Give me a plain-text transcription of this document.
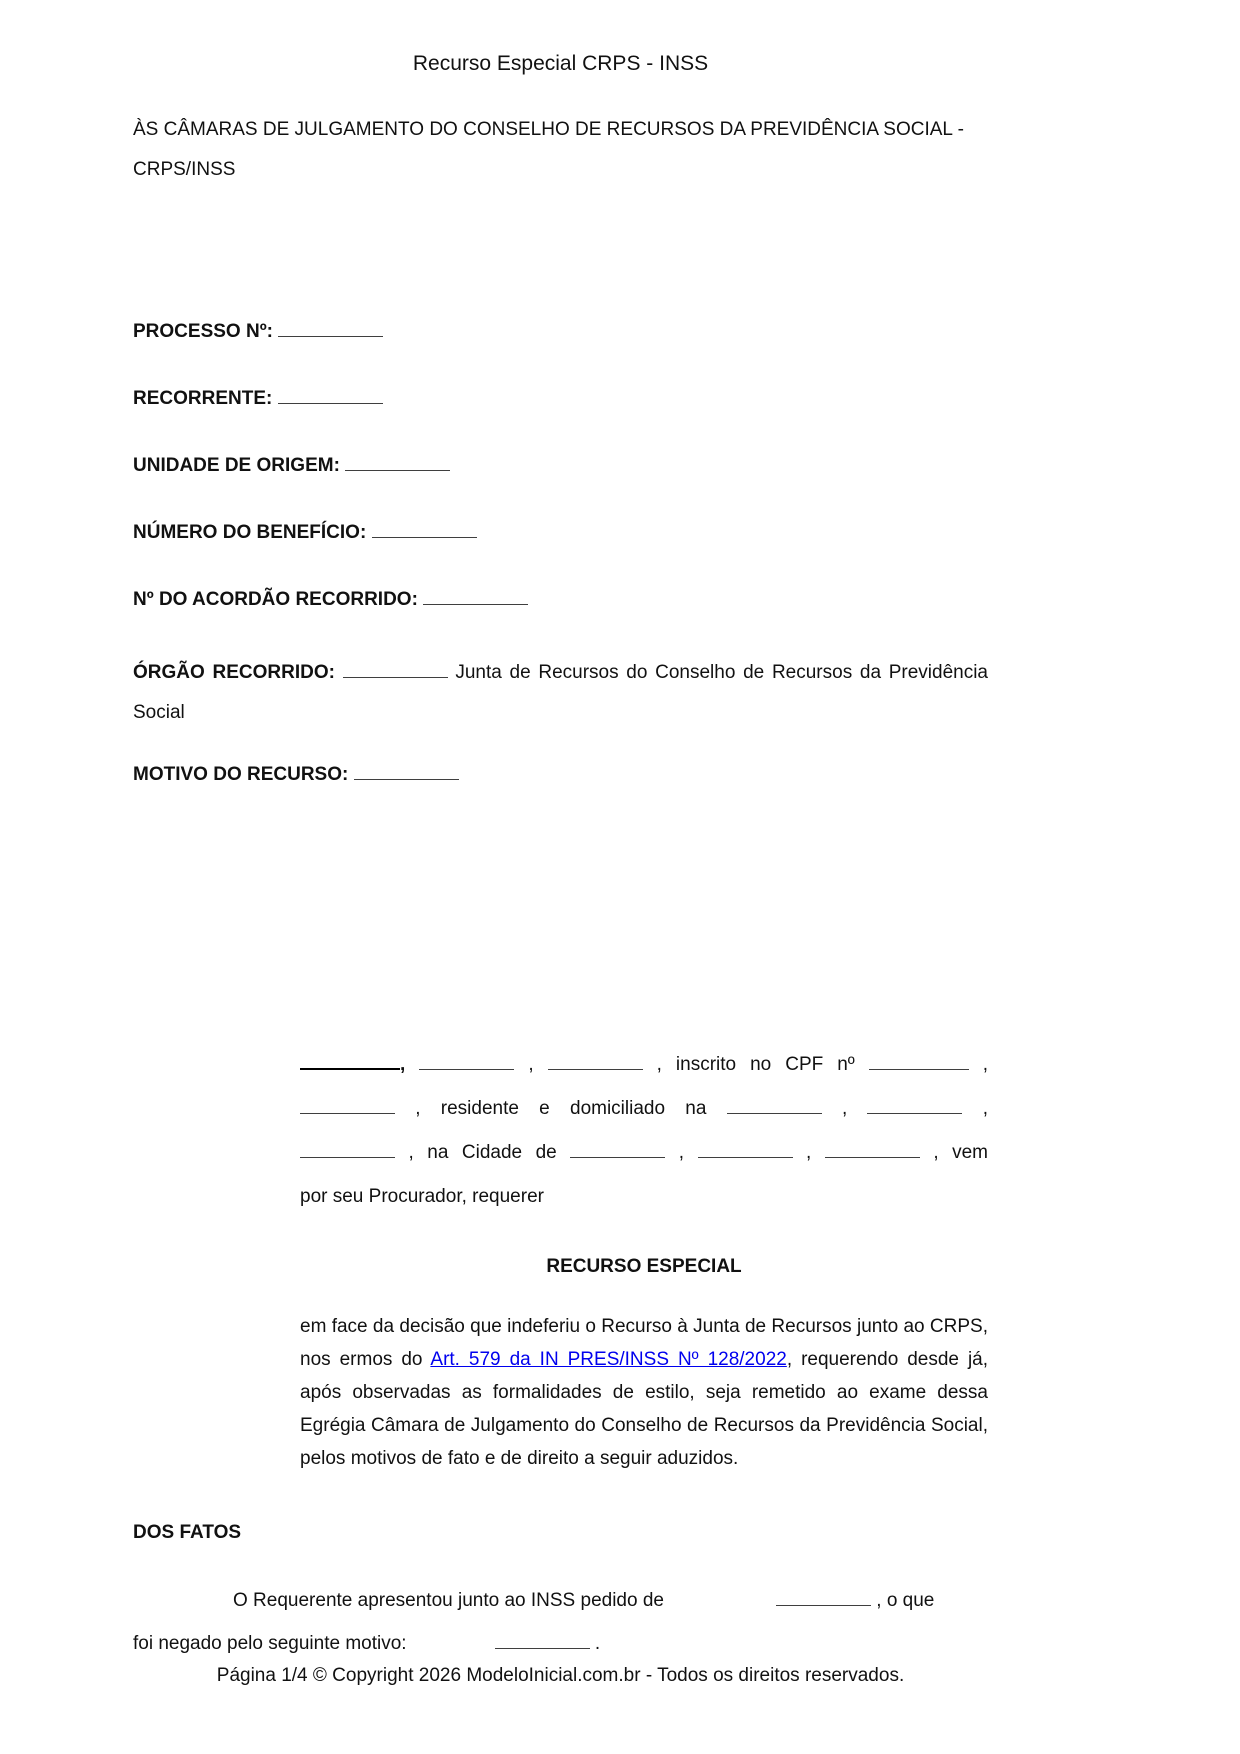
Recurso Especial CRPS - INSS

ÀS CÂMARAS DE JULGAMENTO DO CONSELHO DE RECURSOS DA PREVIDÊNCIA SOCIAL - CRPS/INSS

PROCESSO Nº:
RECORRENTE:
UNIDADE DE ORIGEM:
NÚMERO DO BENEFÍCIO:
Nº DO ACORDÃO RECORRIDO:
ÓRGÃO RECORRIDO:	Junta de Recursos do Conselho de Recursos da Previdência Social
MOTIVO DO RECURSO:
,	,	, inscrito no CPF nº	,
, residente e domiciliado na	,	,
, na Cidade de	,	,	, vem
por seu Procurador, requerer
RECURSO ESPECIAL

em face da decisão que indeferiu o Recurso à Junta de Recursos junto ao CRPS, nos ermos do Art. 579 da IN PRES/INSS Nº 128/2022, requerendo desde já, após observadas as formalidades de estilo, seja remetido ao exame dessa Egrégia Câmara de Julgamento do Conselho de Recursos da Previdência Social, pelos motivos de fato e de direito a seguir aduzidos.

DOS FATOS
O Requerente apresentou junto ao INSS pedido de	, o que
foi negado pelo seguinte motivo:	.
Página 1/4 © Copyright 2026 ModeloInicial.com.br - Todos os direitos reservados.
